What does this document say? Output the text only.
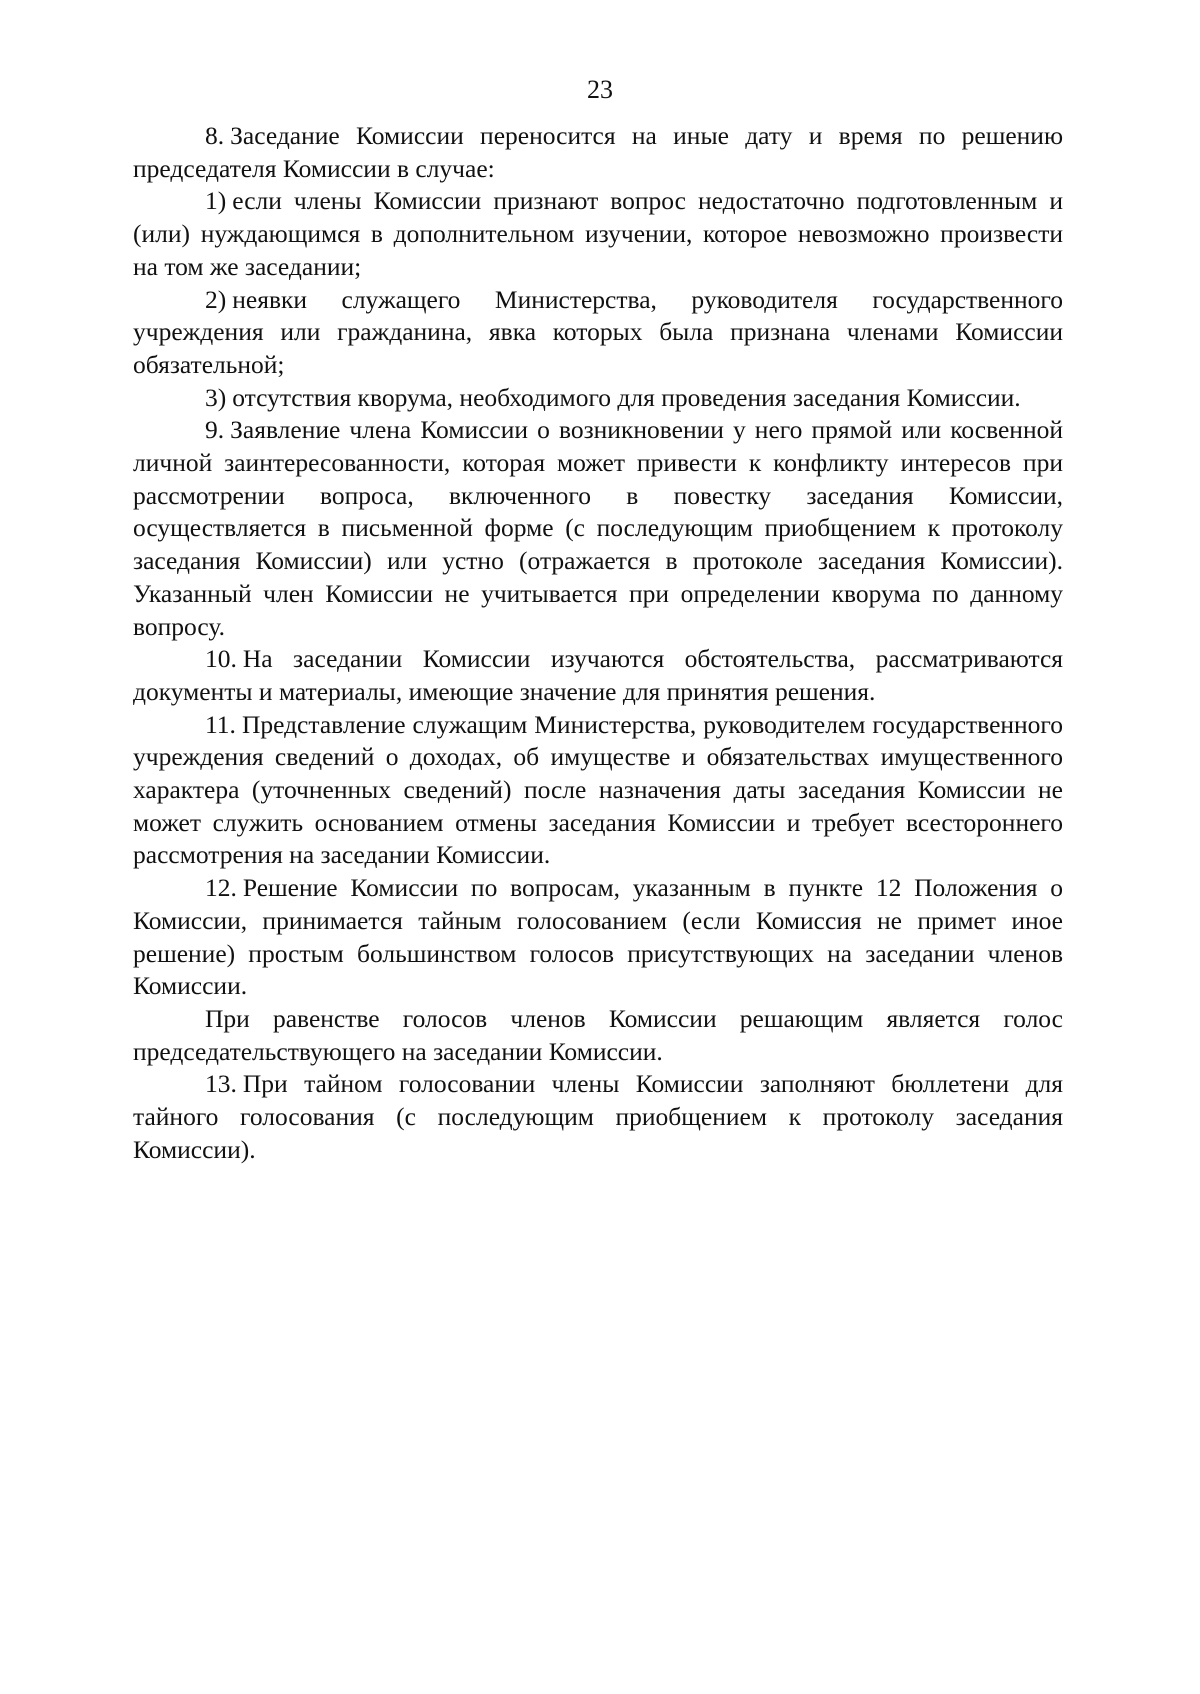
23

8. Заседание Комиссии переносится на иные дату и время по решению председателя Комиссии в случае:

1) если члены Комиссии признают вопрос недостаточно подготовленным и (или) нуждающимся в дополнительном изучении, которое невозможно произвести на том же заседании;

2) неявки служащего Министерства, руководителя государственного учреждения или гражданина, явка которых была признана членами Комиссии обязательной;

3) отсутствия кворума, необходимого для проведения заседания Комиссии.

9. Заявление члена Комиссии о возникновении у него прямой или косвенной личной заинтересованности, которая может привести к конфликту интересов при рассмотрении вопроса, включенного в повестку заседания Комиссии, осуществляется в письменной форме (с последующим приобщением к протоколу заседания Комиссии) или устно (отражается в протоколе заседания Комиссии). Указанный член Комиссии не учитывается при определении кворума по данному вопросу.

10. На заседании Комиссии изучаются обстоятельства, рассматриваются документы и материалы, имеющие значение для принятия решения.

11. Представление служащим Министерства, руководителем государственного учреждения сведений о доходах, об имуществе и обязательствах имущественного характера (уточненных сведений) после назначения даты заседания Комиссии не может служить основанием отмены заседания Комиссии и требует всестороннего рассмотрения на заседании Комиссии.

12. Решение Комиссии по вопросам, указанным в пункте 12 Положения о Комиссии, принимается тайным голосованием (если Комиссия не примет иное решение) простым большинством голосов присутствующих на заседании членов Комиссии.

При равенстве голосов членов Комиссии решающим является голос председательствующего на заседании Комиссии.

13. При тайном голосовании члены Комиссии заполняют бюллетени для тайного голосования (с последующим приобщением к протоколу заседания Комиссии).
